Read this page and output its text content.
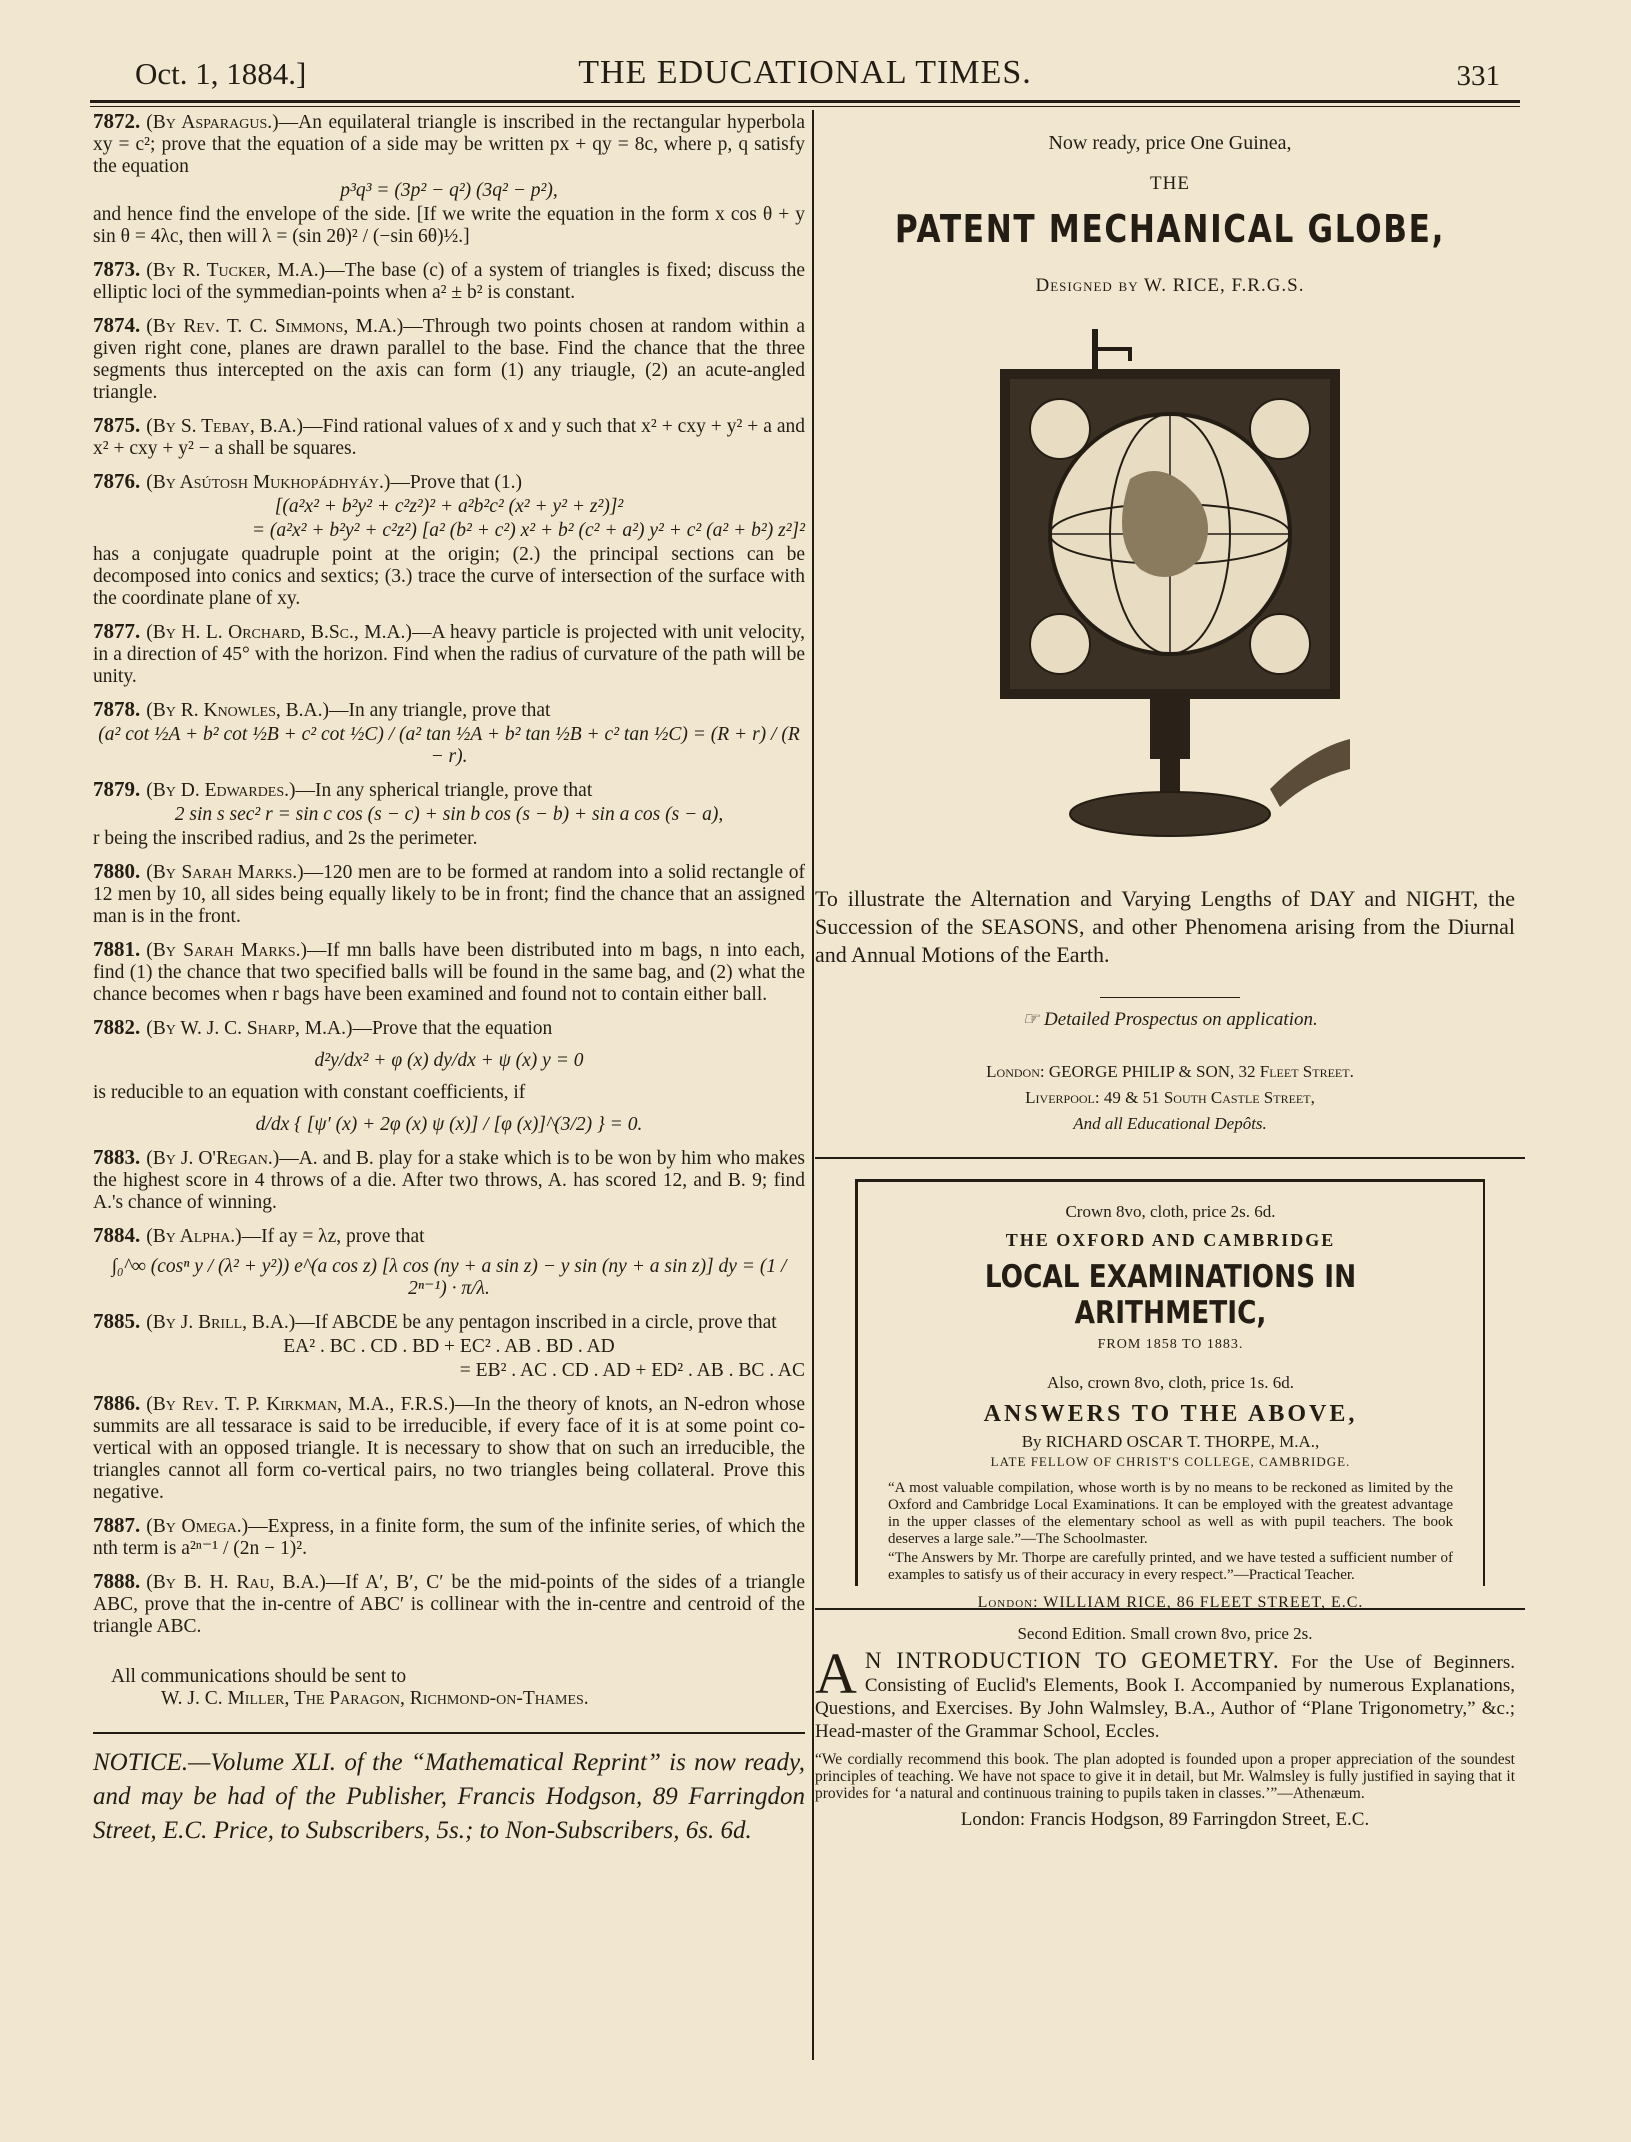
Oct. 1, 1884.]	THE EDUCATIONAL TIMES.	331
7872. (By Asparagus.)—An equilateral triangle is inscribed in the rectangular hyperbola xy = c²; prove that the equation of a side may be written px + qy = 8c, where p, q satisfy the equation
p³q³ = (3p² − q²) (3q² − p²),
and hence find the envelope of the side. [If we write the equation in the form x cos θ + y sin θ = 4λc, then will λ = (sin 2θ)² / (−sin 6θ)½.]
7873. (By R. Tucker, M.A.)—The base (c) of a system of triangles is fixed; discuss the elliptic loci of the symmedian-points when a² ± b² is constant.
7874. (By Rev. T. C. Simmons, M.A.)—Through two points chosen at random within a given right cone, planes are drawn parallel to the base. Find the chance that the three segments thus intercepted on the axis can form (1) any triaugle, (2) an acute-angled triangle.
7875. (By S. Tebay, B.A.)—Find rational values of x and y such that x² + cxy + y² + a and x² + cxy + y² − a shall be squares.
7876. (By Asútosh Mukhopádhyáy.)—Prove that (1.)
[(a²x² + b²y² + c²z²)² + a²b²c² (x² + y² + z²)]²
= (a²x² + b²y² + c²z²) [a² (b² + c²) x² + b² (c² + a²) y² + c² (a² + b²) z²]²
has a conjugate quadruple point at the origin; (2.) the principal sections can be decomposed into conics and sextics; (3.) trace the curve of intersection of the surface with the coordinate plane of xy.
7877. (By H. L. Orchard, B.Sc., M.A.)—A heavy particle is projected with unit velocity, in a direction of 45° with the horizon. Find when the radius of curvature of the path will be unity.
7878. (By R. Knowles, B.A.)—In any triangle, prove that
(a² cot ½A + b² cot ½B + c² cot ½C) / (a² tan ½A + b² tan ½B + c² tan ½C) = (R + r) / (R − r).
7879. (By D. Edwardes.)—In any spherical triangle, prove that
2 sin s sec² r = sin c cos (s − c) + sin b cos (s − b) + sin a cos (s − a),
r being the inscribed radius, and 2s the perimeter.
7880. (By Sarah Marks.)—120 men are to be formed at random into a solid rectangle of 12 men by 10, all sides being equally likely to be in front; find the chance that an assigned man is in the front.
7881. (By Sarah Marks.)—If mn balls have been distributed into m bags, n into each, find (1) the chance that two specified balls will be found in the same bag, and (2) what the chance becomes when r bags have been examined and found not to contain either ball.
7882. (By W. J. C. Sharp, M.A.)—Prove that the equation
d²y/dx² + φ (x) dy/dx + ψ (x) y = 0
is reducible to an equation with constant coefficients, if
d/dx { [ψ′ (x) + 2φ (x) ψ (x)] / [φ (x)]^(3/2) } = 0.
7883. (By J. O'Regan.)—A. and B. play for a stake which is to be won by him who makes the highest score in 4 throws of a die. After two throws, A. has scored 12, and B. 9; find A.'s chance of winning.
7884. (By Alpha.)—If ay = λz, prove that
∫₀^∞ (cosⁿ y / (λ² + y²)) e^(a cos z) [λ cos (ny + a sin z) − y sin (ny + a sin z)] dy = (1 / 2ⁿ⁻¹) · π/λ.
7885. (By J. Brill, B.A.)—If ABCDE be any pentagon inscribed in a circle, prove that
EA² . BC . CD . BD + EC² . AB . BD . AD
= EB² . AC . CD . AD + ED² . AB . BC . AC
7886. (By Rev. T. P. Kirkman, M.A., F.R.S.)—In the theory of knots, an N-edron whose summits are all tessarace is said to be irreducible, if every face of it is at some point co-vertical with an opposed triangle. It is necessary to show that on such an irreducible, the triangles cannot all form co-vertical pairs, no two triangles being collateral. Prove this negative.
7887. (By Omega.)—Express, in a finite form, the sum of the infinite series, of which the nth term is a²ⁿ⁻¹ / (2n − 1)².
7888. (By B. H. Rau, B.A.)—If A′, B′, C′ be the mid-points of the sides of a triangle ABC, prove that the in-centre of ABC′ is collinear with the in-centre and centroid of the triangle ABC.
All communications should be sent to
W. J. C. Miller, The Paragon, Richmond-on-Thames.
NOTICE.—Volume XLI. of the “Mathematical Reprint” is now ready, and may be had of the Publisher, Francis Hodgson, 89 Farringdon Street, E.C. Price, to Subscribers, 5s.; to Non-Subscribers, 6s. 6d.
Now ready, price One Guinea,
THE
PATENT MECHANICAL GLOBE,
Designed by W. RICE, F.R.G.S.
To illustrate the Alternation and Varying Lengths of DAY and NIGHT, the Succession of the SEASONS, and other Phenomena arising from the Diurnal and Annual Motions of the Earth.
☞ Detailed Prospectus on application.
London: GEORGE PHILIP & SON, 32 Fleet Street.
Liverpool: 49 & 51 South Castle Street,
And all Educational Depôts.
Crown 8vo, cloth, price 2s. 6d.
THE OXFORD AND CAMBRIDGE
LOCAL EXAMINATIONS IN ARITHMETIC,
FROM 1858 TO 1883.
Also, crown 8vo, cloth, price 1s. 6d.
ANSWERS TO THE ABOVE,
By RICHARD OSCAR T. THORPE, M.A.,
LATE FELLOW OF CHRIST'S COLLEGE, CAMBRIDGE.
“A most valuable compilation, whose worth is by no means to be reckoned as limited by the Oxford and Cambridge Local Examinations. It can be employed with the greatest advantage in the upper classes of the elementary school as well as with pupil teachers. The book deserves a large sale.”—The Schoolmaster.
“The Answers by Mr. Thorpe are carefully printed, and we have tested a sufficient number of examples to satisfy us of their accuracy in every respect.”—Practical Teacher.
London: WILLIAM RICE, 86 FLEET STREET, E.C.
Second Edition. Small crown 8vo, price 2s.
A N INTRODUCTION TO GEOMETRY. For the Use of Beginners. Consisting of Euclid's Elements, Book I. Accompanied by numerous Explanations, Questions, and Exercises. By John Walmsley, B.A., Author of “Plane Trigonometry,” &c.; Head-master of the Grammar School, Eccles.
“We cordially recommend this book. The plan adopted is founded upon a proper appreciation of the soundest principles of teaching. We have not space to give it in detail, but Mr. Walmsley is fully justified in saying that it provides for ‘a natural and continuous training to pupils taken in classes.’”—Athenæum.
London: Francis Hodgson, 89 Farringdon Street, E.C.
